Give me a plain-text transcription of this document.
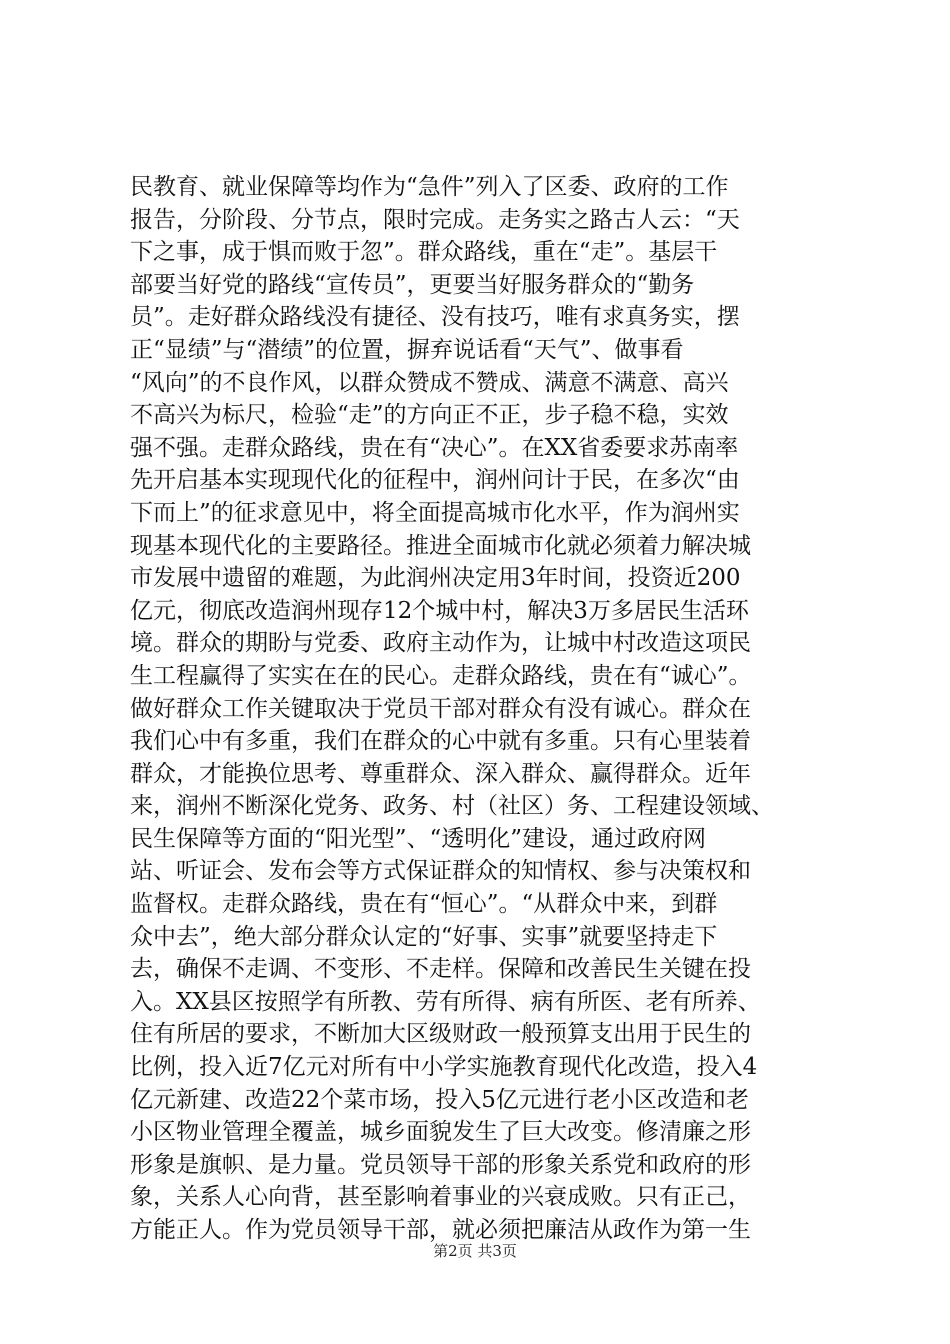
民教育、就业保障等均作为“急件”列入了区委、政府的工作
报告，分阶段、分节点，限时完成。走务实之路古人云：“天
下之事，成于惧而败于忽”。群众路线，重在“走”。基层干
部要当好党的路线“宣传员”，更要当好服务群众的“勤务
员”。走好群众路线没有捷径、没有技巧，唯有求真务实，摆
正“显绩”与“潜绩”的位置，摒弃说话看“天气”、做事看
“风向”的不良作风，以群众赞成不赞成、满意不满意、高兴
不高兴为标尺，检验“走”的方向正不正，步子稳不稳，实效
强不强。走群众路线，贵在有“决心”。在XX省委要求苏南率
先开启基本实现现代化的征程中，润州问计于民，在多次“由
下而上”的征求意见中，将全面提高城市化水平，作为润州实
现基本现代化的主要路径。推进全面城市化就必须着力解决城
市发展中遗留的难题，为此润州决定用3年时间，投资近200
亿元，彻底改造润州现存12个城中村，解决3万多居民生活环
境。群众的期盼与党委、政府主动作为，让城中村改造这项民
生工程赢得了实实在在的民心。走群众路线，贵在有“诚心”。
做好群众工作关键取决于党员干部对群众有没有诚心。群众在
我们心中有多重，我们在群众的心中就有多重。只有心里装着
群众，才能换位思考、尊重群众、深入群众、赢得群众。近年
来，润州不断深化党务、政务、村（社区）务、工程建设领域、
民生保障等方面的“阳光型”、“透明化”建设，通过政府网
站、听证会、发布会等方式保证群众的知情权、参与决策权和
监督权。走群众路线，贵在有“恒心”。“从群众中来，到群
众中去”，绝大部分群众认定的“好事、实事”就要坚持走下
去，确保不走调、不变形、不走样。保障和改善民生关键在投
入。XX县区按照学有所教、劳有所得、病有所医、老有所养、
住有所居的要求，不断加大区级财政一般预算支出用于民生的
比例，投入近7亿元对所有中小学实施教育现代化改造，投入4
亿元新建、改造22个菜市场，投入5亿元进行老小区改造和老
小区物业管理全覆盖，城乡面貌发生了巨大改变。修清廉之形
形象是旗帜、是力量。党员领导干部的形象关系党和政府的形
象，关系人心向背，甚至影响着事业的兴衰成败。只有正己，
方能正人。作为党员领导干部，就必须把廉洁从政作为第一生
第2页 共3页
